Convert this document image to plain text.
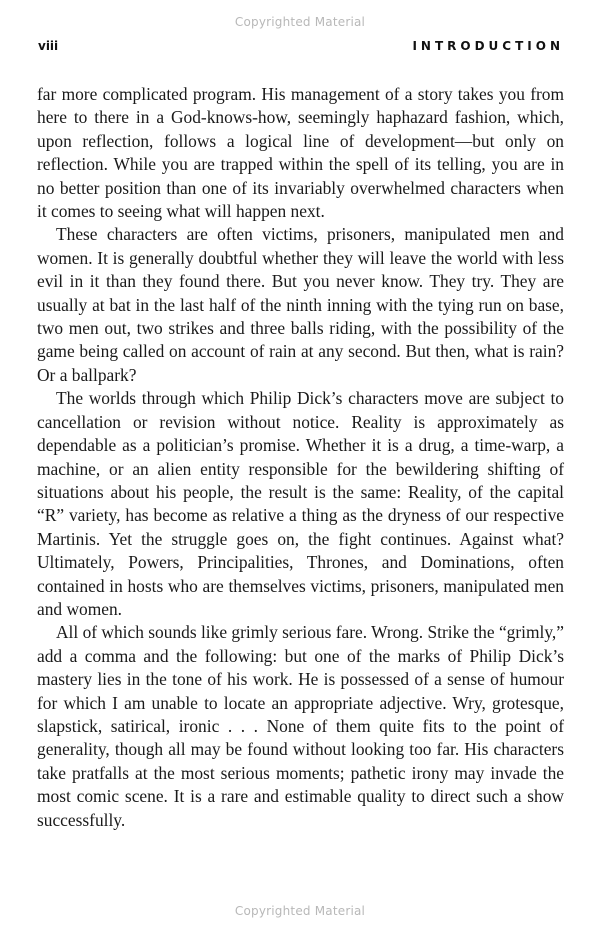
Copyrighted Material
viii	INTRODUCTION

far more complicated program. His management of a story takes you from here to there in a God-knows-how, seemingly haphazard fashion, which, upon reflection, follows a logical line of development—but only on reflection. While you are trapped within the spell of its telling, you are in no better position than one of its invariably overwhelmed characters when it comes to seeing what will happen next.

These characters are often victims, prisoners, manipulated men and women. It is generally doubtful whether they will leave the world with less evil in it than they found there. But you never know. They try. They are usually at bat in the last half of the ninth inning with the tying run on base, two men out, two strikes and three balls riding, with the possibility of the game being called on account of rain at any second. But then, what is rain? Or a ballpark?

The worlds through which Philip Dick’s characters move are subject to cancellation or revision without notice. Reality is approximately as dependable as a politician’s promise. Whether it is a drug, a time-warp, a machine, or an alien entity responsible for the bewildering shifting of situations about his people, the result is the same: Reality, of the capital “R” variety, has become as relative a thing as the dryness of our respective Martinis. Yet the struggle goes on, the fight continues. Against what? Ultimately, Powers, Principalities, Thrones, and Dominations, often contained in hosts who are themselves victims, prisoners, manipulated men and women.

All of which sounds like grimly serious fare. Wrong. Strike the “grimly,” add a comma and the following: but one of the marks of Philip Dick’s mastery lies in the tone of his work. He is possessed of a sense of humour for which I am unable to locate an appropriate adjective. Wry, grotesque, slapstick, satirical, ironic . . . None of them quite fits to the point of generality, though all may be found without looking too far. His characters take pratfalls at the most serious moments; pathetic irony may invade the most comic scene. It is a rare and estimable quality to direct such a show successfully.

Copyrighted Material
